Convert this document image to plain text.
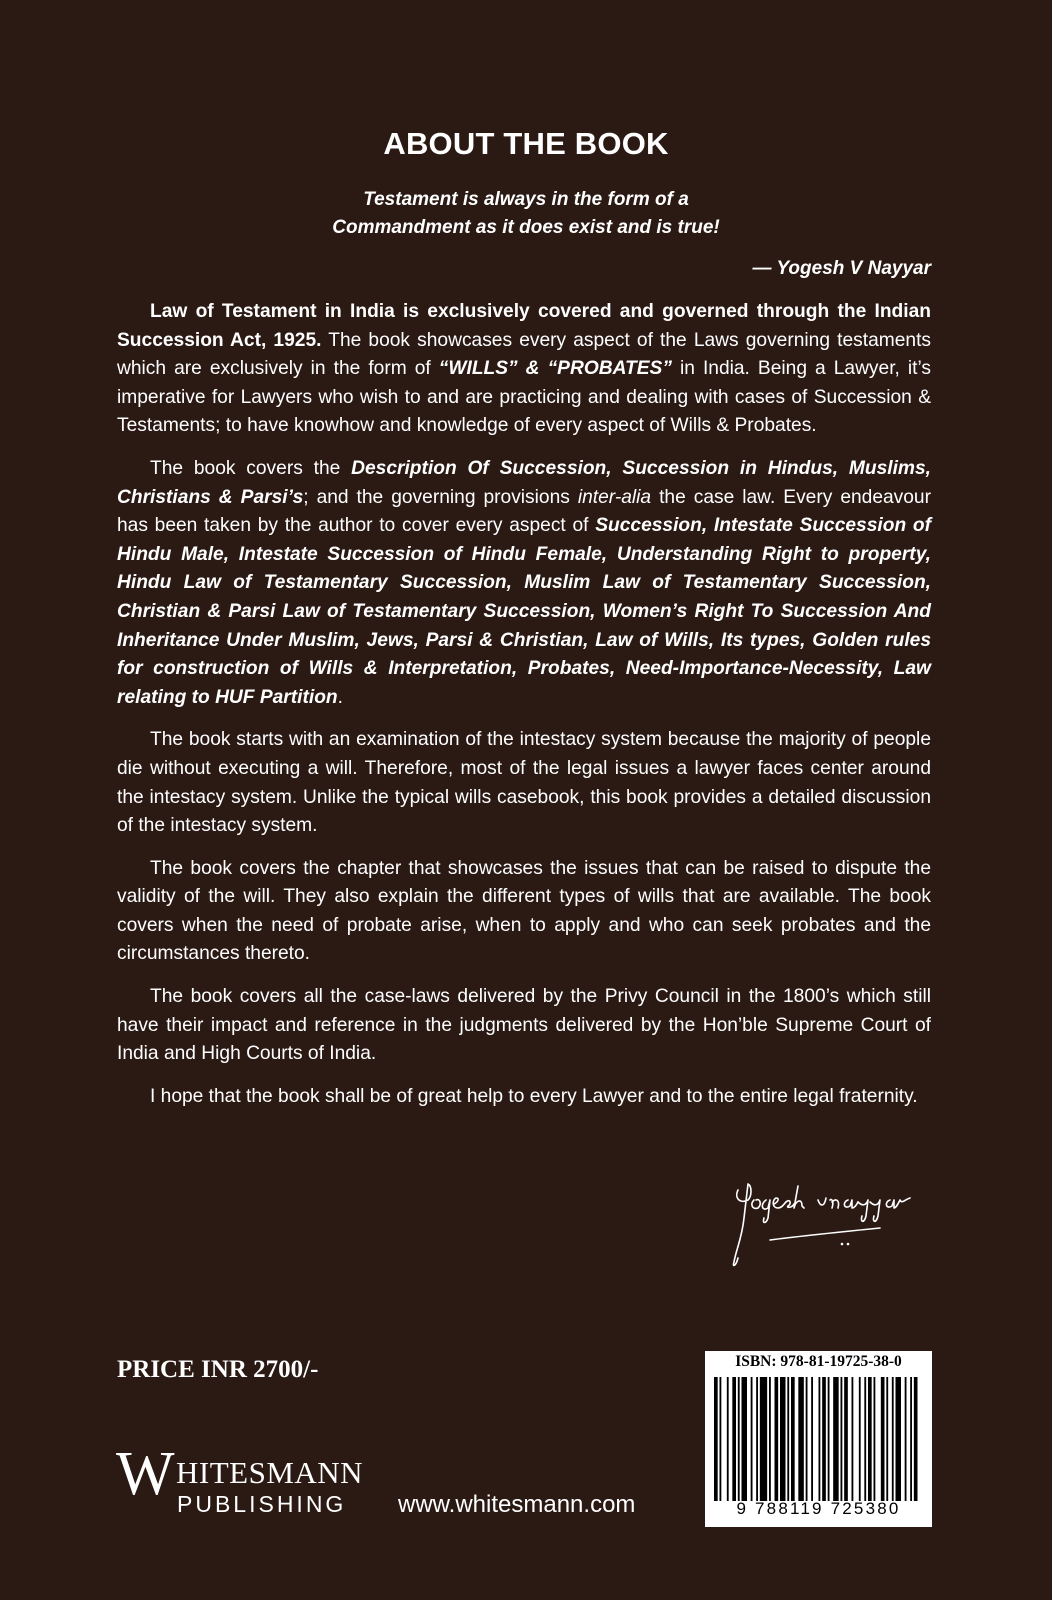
ABOUT THE BOOK
Testament is always in the form of a
Commandment as it does exist and is true!
— Yogesh V Nayyar

Law of Testament in India is exclusively covered and governed through the Indian Succession Act, 1925. The book showcases every aspect of the Laws governing testaments which are exclusively in the form of “WILLS” & “PROBATES” in India. Being a Lawyer, it’s imperative for Lawyers who wish to and are practicing and dealing with cases of Succession & Testaments; to have knowhow and knowledge of every aspect of Wills & Probates.

The book covers the Description Of Succession, Succession in Hindus, Muslims, Christians & Parsi’s; and the governing provisions inter-alia the case law. Every endeavour has been taken by the author to cover every aspect of Succession, Intestate Succession of Hindu Male, Intestate Succession of Hindu Female, Understanding Right to property, Hindu Law of Testamentary Succession, Muslim Law of Testamentary Succession, Christian & Parsi Law of Testamentary Succession, Women’s Right To Succession And Inheritance Under Muslim, Jews, Parsi & Christian, Law of Wills, Its types, Golden rules for construction of Wills & Interpretation, Probates, Need-Importance-Necessity, Law relating to HUF Partition.

The book starts with an examination of the intestacy system because the majority of people die without executing a will. Therefore, most of the legal issues a lawyer faces center around the intestacy system. Unlike the typical wills casebook, this book provides a detailed discussion of the intestacy system.

The book covers the chapter that showcases the issues that can be raised to dispute the validity of the will. They also explain the different types of wills that are available. The book covers when the need of probate arise, when to apply and who can seek probates and the circumstances thereto.

The book covers all the case-laws delivered by the Privy Council in the 1800’s which still have their impact and reference in the judgments delivered by the Hon’ble Supreme Court of India and High Courts of India.

I hope that the book shall be of great help to every Lawyer and to the entire legal fraternity.

PRICE INR 2700/-
W HITESMANN
PUBLISHING www.whitesmann.com
ISBN: 978-81-19725-38-0
9 788119 725380
